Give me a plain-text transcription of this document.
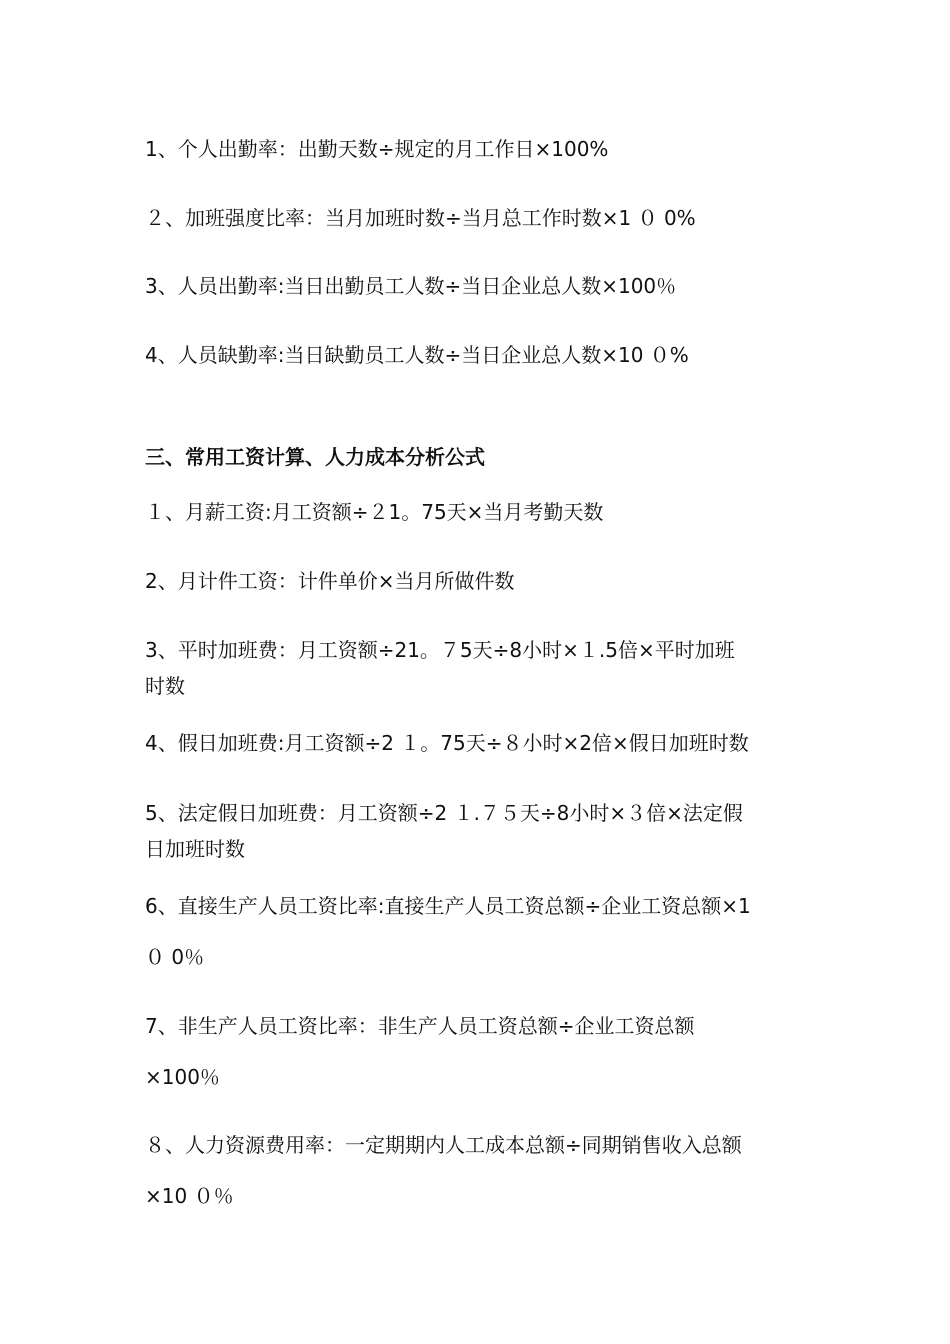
1、个人出勤率：出勤天数÷规定的月工作日×100%
２、加班强度比率：当月加班时数÷当月总工作时数×1 ０ 0%
3、人员出勤率:当日出勤员工人数÷当日企业总人数×100％
4、人员缺勤率:当日缺勤员工人数÷当日企业总人数×10 ０%
三、常用工资计算、人力成本分析公式
１、月薪工资:月工资额÷２1。75天×当月考勤天数
2、月计件工资：计件单价×当月所做件数
3、平时加班费：月工资额÷21。７5天÷8小时×１.5倍×平时加班
时数
4、假日加班费:月工资额÷2 １。75天÷８小时×2倍×假日加班时数
5、法定假日加班费：月工资额÷2 １.７５天÷8小时×３倍×法定假
日加班时数
6、直接生产人员工资比率:直接生产人员工资总额÷企业工资总额×1
０ 0％
7、非生产人员工资比率：非生产人员工资总额÷企业工资总额
×100％
８、人力资源费用率：一定期期内人工成本总额÷同期销售收入总额
×10 ０％
